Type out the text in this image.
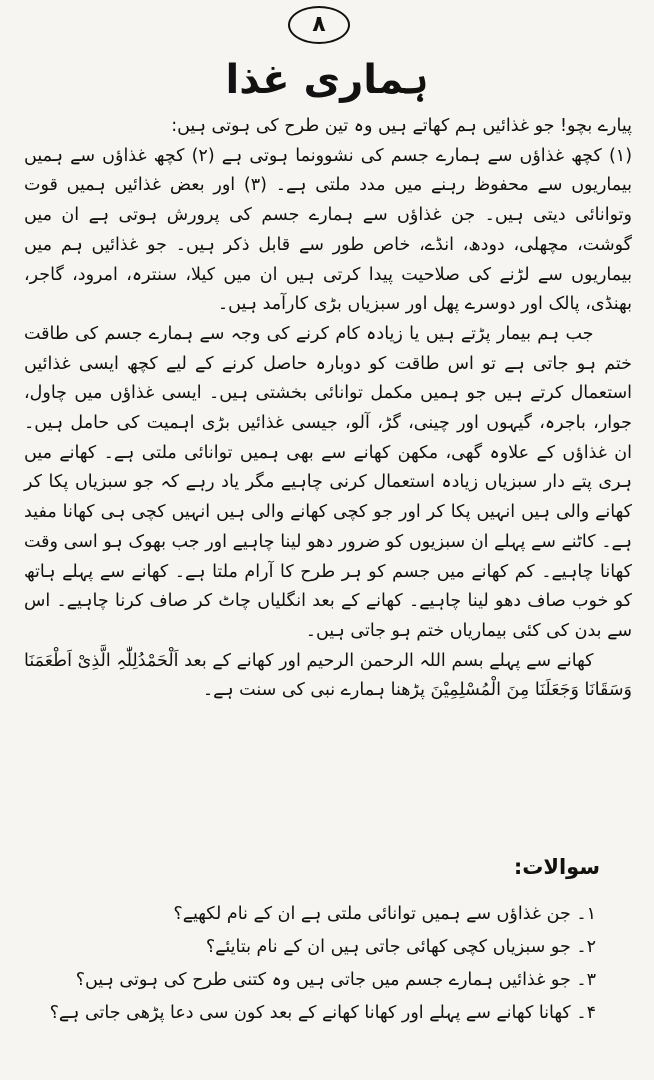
۸
ہماری غذا

پیارے بچو! جو غذائیں ہم کھاتے ہیں وہ تین طرح کی ہوتی ہیں:

(۱) کچھ غذاؤں سے ہمارے جسم کی نشوونما ہوتی ہے (۲) کچھ غذاؤں سے ہمیں بیماریوں سے محفوظ رہنے میں مدد ملتی ہے۔ (۳) اور بعض غذائیں ہمیں قوت وتوانائی دیتی ہیں۔ جن غذاؤں سے ہمارے جسم کی پرورش ہوتی ہے ان میں گوشت، مچھلی، دودھ، انڈے، خاص طور سے قابل ذکر ہیں۔ جو غذائیں ہم میں بیماریوں سے لڑنے کی صلاحیت پیدا کرتی ہیں ان میں کیلا، سنترہ، امرود، گاجر، بھنڈی، پالک اور دوسرے پھل اور سبزیاں بڑی کارآمد ہیں۔

جب ہم بیمار پڑتے ہیں یا زیادہ کام کرنے کی وجہ سے ہمارے جسم کی طاقت ختم ہو جاتی ہے تو اس طاقت کو دوبارہ حاصل کرنے کے لیے کچھ ایسی غذائیں استعمال کرتے ہیں جو ہمیں مکمل توانائی بخشتی ہیں۔ ایسی غذاؤں میں چاول، جوار، باجرہ، گیہوں اور چینی، گڑ، آلو، جیسی غذائیں بڑی اہمیت کی حامل ہیں۔ ان غذاؤں کے علاوہ گھی، مکھن کھانے سے بھی ہمیں توانائی ملتی ہے۔ کھانے میں ہری پتے دار سبزیاں زیادہ استعمال کرنی چاہیے مگر یاد رہے کہ جو سبزیاں پکا کر کھانے والی ہیں انہیں پکا کر اور جو کچی کھانے والی ہیں انہیں کچی ہی کھانا مفید ہے۔ کاٹنے سے پہلے ان سبزیوں کو ضرور دھو لینا چاہیے اور جب بھوک ہو اسی وقت کھانا چاہیے۔ کم کھانے میں جسم کو ہر طرح کا آرام ملتا ہے۔ کھانے سے پہلے ہاتھ کو خوب صاف دھو لینا چاہیے۔ کھانے کے بعد انگلیاں چاٹ کر صاف کرنا چاہیے۔ اس سے بدن کی کئی بیماریاں ختم ہو جاتی ہیں۔

کھانے سے پہلے بسم اللہ الرحمن الرحیم اور کھانے کے بعد اَلْحَمْدُلِلّٰہِ الَّذِیْ اَطْعَمَنَا وَسَقَانَا وَجَعَلَنَا مِنَ الْمُسْلِمِیْنَ پڑھنا ہمارے نبی کی سنت ہے۔

سوالات:
۱۔ جن غذاؤں سے ہمیں توانائی ملتی ہے ان کے نام لکھیے؟
۲۔ جو سبزیاں کچی کھائی جاتی ہیں ان کے نام بتایئے؟
۳۔ جو غذائیں ہمارے جسم میں جاتی ہیں وہ کتنی طرح کی ہوتی ہیں؟
۴۔ کھانا کھانے سے پہلے اور کھانا کھانے کے بعد کون سی دعا پڑھی جاتی ہے؟
